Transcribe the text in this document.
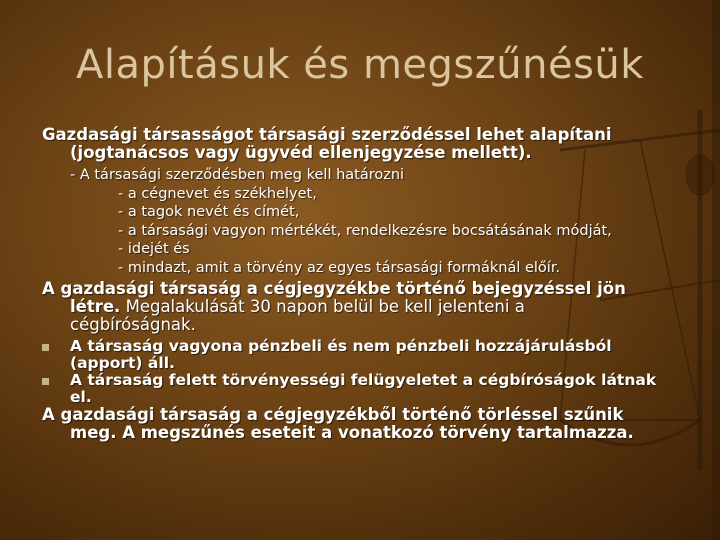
Alapításuk és megszűnésük
Gazdasági társasságot társasági szerződéssel lehet alapítani
(jogtanácsos vagy ügyvéd ellenjegyzése mellett).
- A társasági szerződésben meg kell határozni
- a cégnevet és székhelyet,
- a tagok nevét és címét,
- a társasági vagyon mértékét, rendelkezésre bocsátásának módját,
- idejét és
- mindazt, amit a törvény az egyes társasági formáknál előír.
A gazdasági társaság a cégjegyzékbe történő bejegyzéssel jön
létre. Megalakulását 30 napon belül be kell jelenteni a
cégbíróságnak.
A társaság vagyona pénzbeli és nem pénzbeli hozzájárulásból
(apport) áll.
A társaság felett törvényességi felügyeletet a cégbíróságok látnak
el.
A gazdasági társaság a cégjegyzékből történő törléssel szűnik
meg. A megszűnés eseteit a vonatkozó törvény tartalmazza.
